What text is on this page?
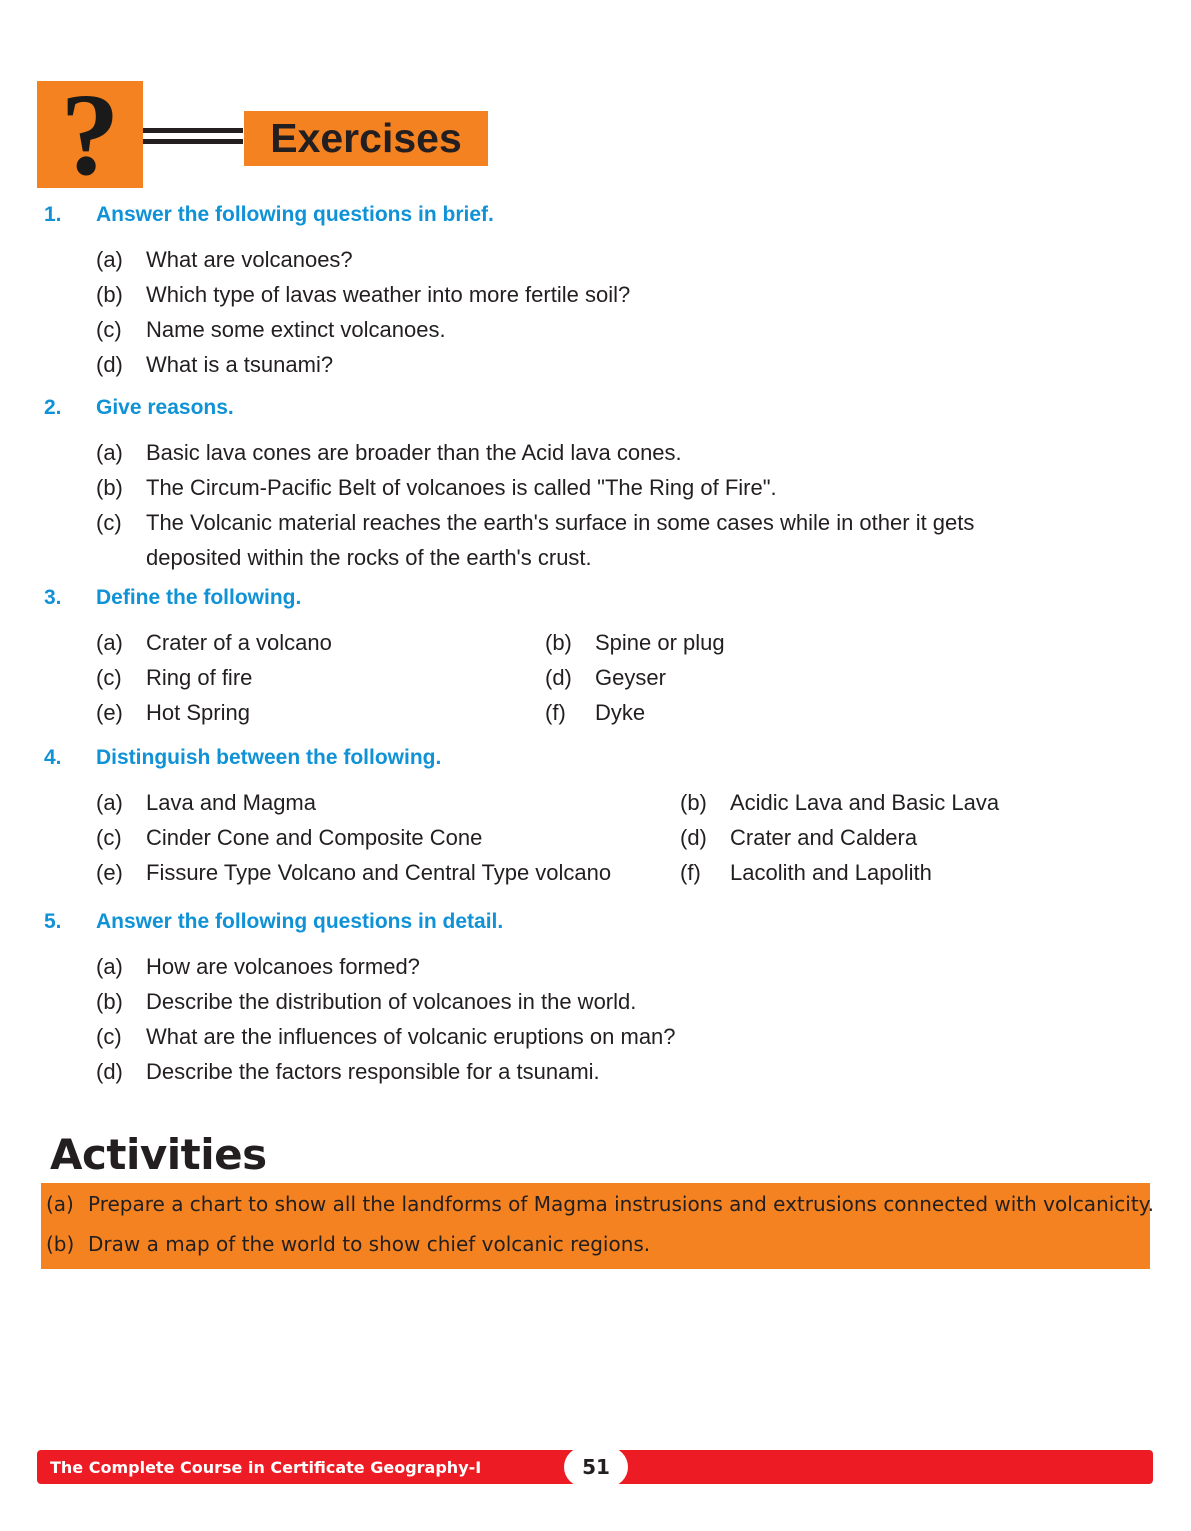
?	Exercises
1. Answer the following questions in brief.
(a) What are volcanoes?
(b) Which type of lavas weather into more fertile soil?
(c) Name some extinct volcanoes.
(d) What is a tsunami?
2. Give reasons.
(a) Basic lava cones are broader than the Acid lava cones.
(b) The Circum-Pacific Belt of volcanoes is called "The Ring of Fire".
(c) The Volcanic material reaches the earth's surface in some cases while in other it gets
deposited within the rocks of the earth's crust.
3. Define the following.
(a) Crater of a volcano	(b) Spine or plug
(c) Ring of fire	(d) Geyser
(e) Hot Spring	(f) Dyke
4. Distinguish between the following.
(a) Lava and Magma	(b) Acidic Lava and Basic Lava
(c) Cinder Cone and Composite Cone	(d) Crater and Caldera
(e) Fissure Type Volcano and Central Type volcano	(f) Lacolith and Lapolith
5. Answer the following questions in detail.
(a) How are volcanoes formed?
(b) Describe the distribution of volcanoes in the world.
(c) What are the influences of volcanic eruptions on man?
(d) Describe the factors responsible for a tsunami.
Activities
(a) Prepare a chart to show all the landforms of Magma instrusions and extrusions connected with volcanicity.
(b) Draw a map of the world to show chief volcanic regions.
The Complete Course in Certificate Geography-I	51
